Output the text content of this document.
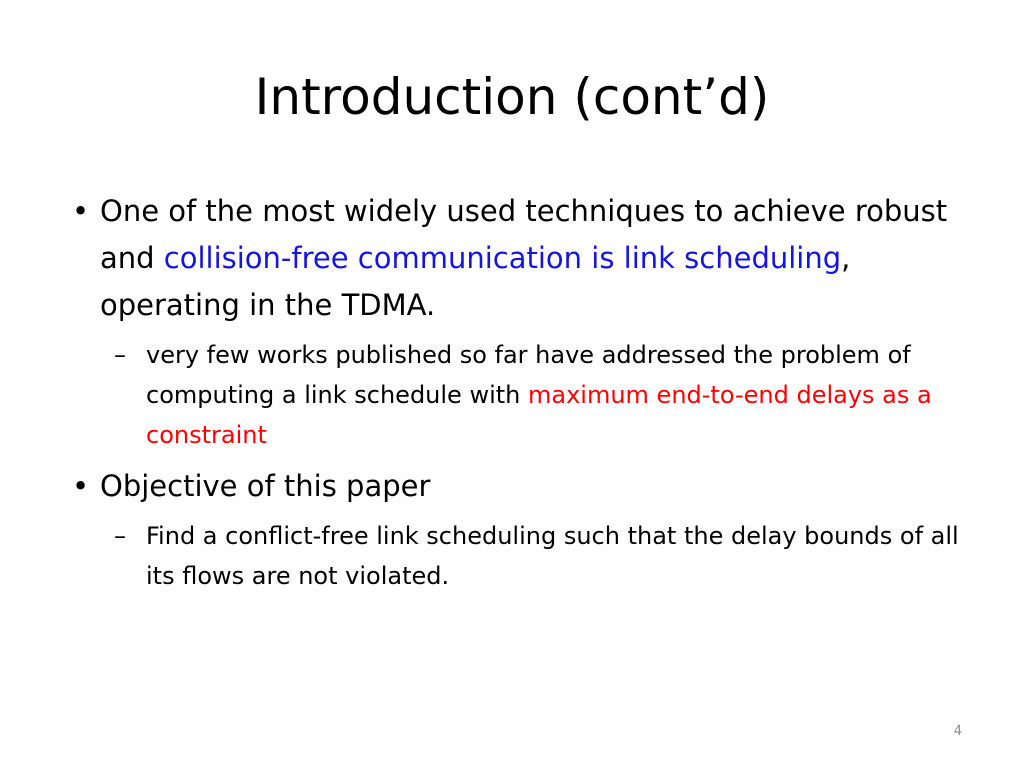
Introduction (cont’d)
• One of the most widely used techniques to achieve robust and collision-free communication is link scheduling, operating in the TDMA.
– very few works published so far have addressed the problem of computing a link schedule with maximum end-to-end delays as a constraint
• Objective of this paper
– Find a conflict-free link scheduling such that the delay bounds of all its flows are not violated.
4
